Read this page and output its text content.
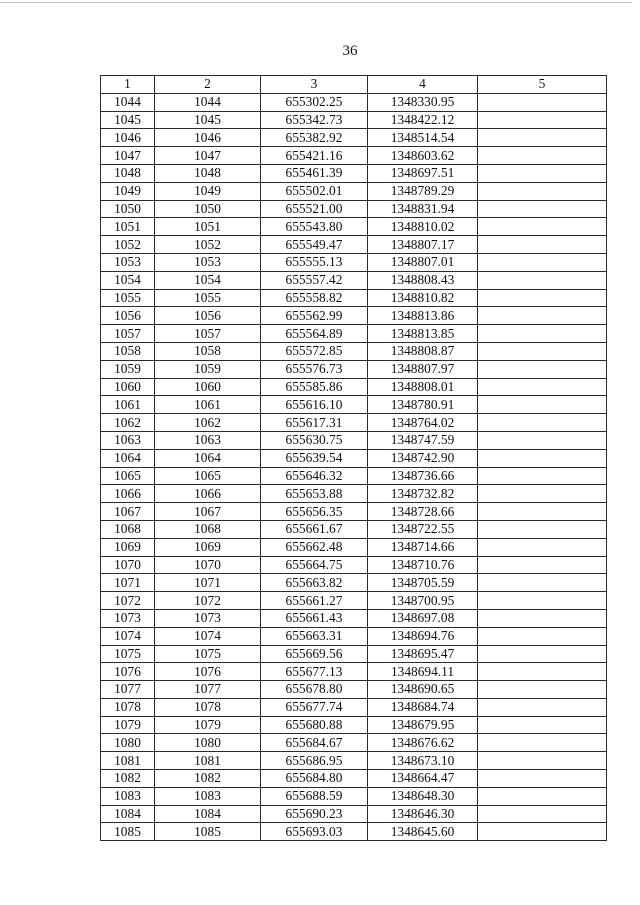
36
1	2	3	4	5
1044	1044	655302.25	1348330.95	
1045	1045	655342.73	1348422.12	
1046	1046	655382.92	1348514.54	
1047	1047	655421.16	1348603.62	
1048	1048	655461.39	1348697.51	
1049	1049	655502.01	1348789.29	
1050	1050	655521.00	1348831.94	
1051	1051	655543.80	1348810.02	
1052	1052	655549.47	1348807.17	
1053	1053	655555.13	1348807.01	
1054	1054	655557.42	1348808.43	
1055	1055	655558.82	1348810.82	
1056	1056	655562.99	1348813.86	
1057	1057	655564.89	1348813.85	
1058	1058	655572.85	1348808.87	
1059	1059	655576.73	1348807.97	
1060	1060	655585.86	1348808.01	
1061	1061	655616.10	1348780.91	
1062	1062	655617.31	1348764.02	
1063	1063	655630.75	1348747.59	
1064	1064	655639.54	1348742.90	
1065	1065	655646.32	1348736.66	
1066	1066	655653.88	1348732.82	
1067	1067	655656.35	1348728.66	
1068	1068	655661.67	1348722.55	
1069	1069	655662.48	1348714.66	
1070	1070	655664.75	1348710.76	
1071	1071	655663.82	1348705.59	
1072	1072	655661.27	1348700.95	
1073	1073	655661.43	1348697.08	
1074	1074	655663.31	1348694.76	
1075	1075	655669.56	1348695.47	
1076	1076	655677.13	1348694.11	
1077	1077	655678.80	1348690.65	
1078	1078	655677.74	1348684.74	
1079	1079	655680.88	1348679.95	
1080	1080	655684.67	1348676.62	
1081	1081	655686.95	1348673.10	
1082	1082	655684.80	1348664.47	
1083	1083	655688.59	1348648.30	
1084	1084	655690.23	1348646.30	
1085	1085	655693.03	1348645.60	
